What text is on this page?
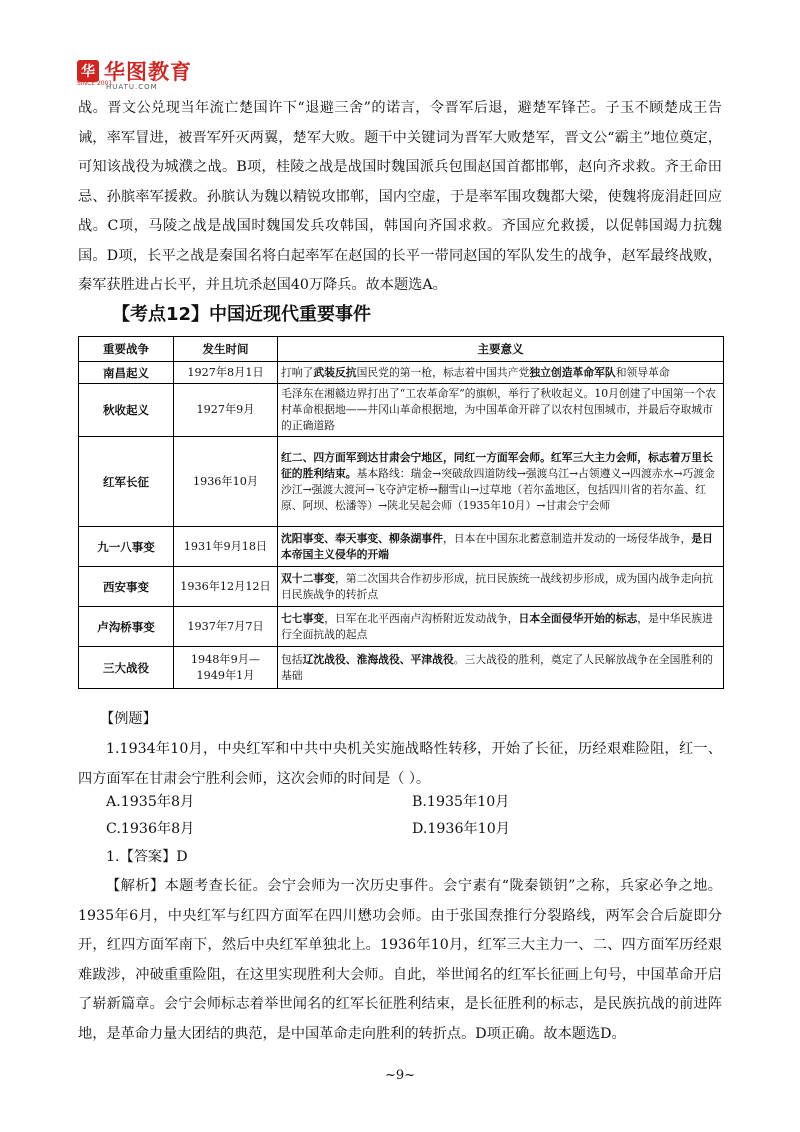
华 华图教育
SINCE 2001
HUATU.COM

战。晋文公兑现当年流亡楚国许下“退避三舍”的诺言，令晋军后退，避楚军锋芒。子玉不顾楚成王告诫，率军冒进，被晋军歼灭两翼，楚军大败。题干中关键词为晋军大败楚军，晋文公“霸主”地位奠定，可知该战役为城濮之战。B项，桂陵之战是战国时魏国派兵包围赵国首都邯郸，赵向齐求救。齐王命田忌、孙膑率军援救。孙膑认为魏以精锐攻邯郸，国内空虚，于是率军围攻魏都大梁，使魏将庞涓赶回应战。C项，马陵之战是战国时魏国发兵攻韩国，韩国向齐国求救。齐国应允救援，以促韩国竭力抗魏国。D项，长平之战是秦国名将白起率军在赵国的长平一带同赵国的军队发生的战争，赵军最终战败，秦军获胜进占长平，并且坑杀赵国40万降兵。故本题选A。

【考点12】中国近现代重要事件
重要战争	发生时间	主要意义
南昌起义	1927年8月1日	打响了武装反抗国民党的第一枪，标志着中国共产党独立创造革命军队和领导革命
秋收起义	1927年9月	毛泽东在湘赣边界打出了“工农革命军”的旗帜，举行了秋收起义。10月创建了中国第一个农村革命根据地——井冈山革命根据地，为中国革命开辟了以农村包围城市，并最后夺取城市的正确道路
红军长征	1936年10月	红二、四方面军到达甘肃会宁地区，同红一方面军会师。红军三大主力会师，标志着万里长征的胜利结束。基本路线：瑞金→突破敌四道防线→强渡乌江→占领遵义→四渡赤水→巧渡金沙江→强渡大渡河→飞夺泸定桥→翻雪山→过草地（若尔盖地区，包括四川省的若尔盖、红原、阿坝、松潘等）→陕北吴起会师（1935年10月）→甘肃会宁会师
九一八事变	1931年9月18日	沈阳事变、奉天事变、柳条湖事件，日本在中国东北蓄意制造并发动的一场侵华战争，是日本帝国主义侵华的开端
西安事变	1936年12月12日	双十二事变，第二次国共合作初步形成，抗日民族统一战线初步形成，成为国内战争走向抗日民族战争的转折点
卢沟桥事变	1937年7月7日	七七事变，日军在北平西南卢沟桥附近发动战争，日本全面侵华开始的标志，是中华民族进行全面抗战的起点
三大战役	1948年9月—1949年1月	包括辽沈战役、淮海战役、平津战役。三大战役的胜利，奠定了人民解放战争在全国胜利的基础

【例题】

1.1934年10月，中央红军和中共中央机关实施战略性转移，开始了长征，历经艰难险阻，红一、四方面军在甘肃会宁胜利会师，这次会师的时间是（ ）。

A.1935年8月	B.1935年10月

C.1936年8月	D.1936年10月

1.【答案】D

【解析】本题考查长征。会宁会师为一次历史事件。会宁素有“陇秦锁钥”之称，兵家必争之地。1935年6月，中央红军与红四方面军在四川懋功会师。由于张国焘推行分裂路线，两军会合后旋即分开，红四方面军南下，然后中央红军单独北上。1936年10月，红军三大主力一、二、四方面军历经艰难跋涉，冲破重重险阻，在这里实现胜利大会师。自此，举世闻名的红军长征画上句号，中国革命开启了崭新篇章。会宁会师标志着举世闻名的红军长征胜利结束，是长征胜利的标志，是民族抗战的前进阵地，是革命力量大团结的典范，是中国革命走向胜利的转折点。D项正确。故本题选D。

~9~
